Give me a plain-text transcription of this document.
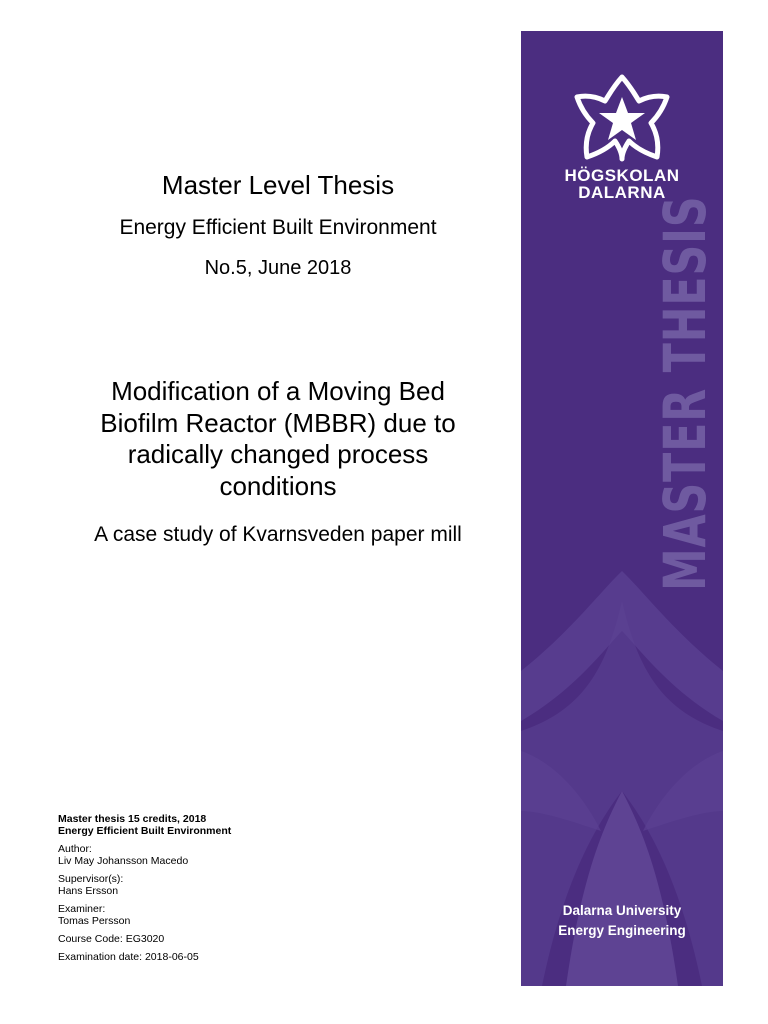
Master Level Thesis
Energy Efficient Built Environment
No.5, June 2018
Modification of a Moving Bed
Biofilm Reactor (MBBR) due to
radically changed process
conditions
A case study of Kvarnsveden paper mill
Master thesis 15 credits, 2018
Energy Efficient Built Environment
Author:
Liv May Johansson Macedo
Supervisor(s):
Hans Ersson
Examiner:
Tomas Persson
Course Code: EG3020
Examination date: 2018-06-05
HÖGSKOLAN
DALARNA
MASTER THESIS
Dalarna University
Energy Engineering
